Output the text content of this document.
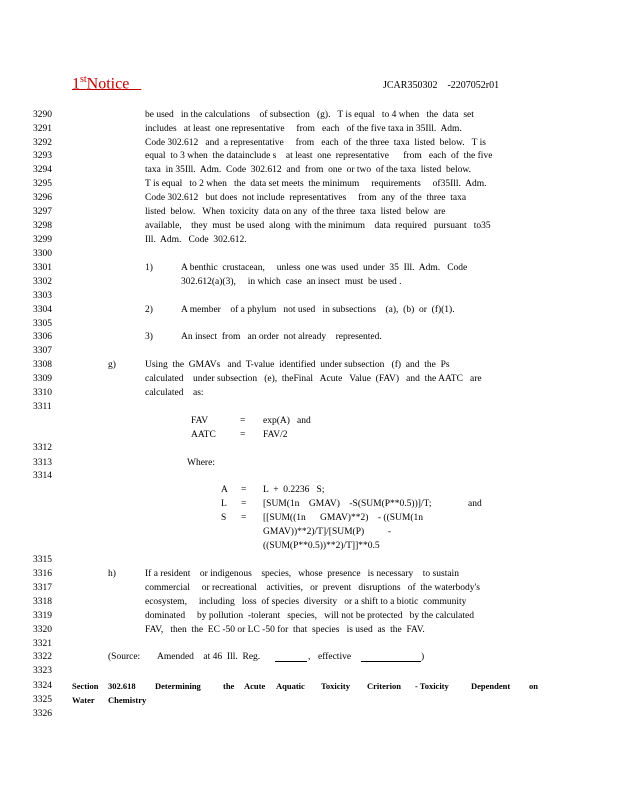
1stNotice	JCAR350302    -2207052r01
3290
3291
3292
3293
3294
3295
3296
3297
3298
3299
3300
3301
3302
3303
3304
3305
3306
3307
3308
3309
3310
3311
3312
3313
3314
3315
3316
3317
3318
3319
3320
3321
3322
3323
3324
3325
3326
be used   in the calculations    of subsection   (g).   T is equal   to 4 when   the  data  set
includes   at least  one representative     from   each   of the five taxa in 35Ill.  Adm.
Code 302.612   and  a representative     from   each  of  the three  taxa  listed  below.   T is
equal  to 3 when  the datainclude s    at least  one  representative      from   each  of  the five
taxa  in 35Ill.  Adm.  Code  302.612  and  from  one  or two  of the taxa  listed  below.
T is equal   to 2 when   the  data set meets  the minimum     requirements     of35Ill.  Adm.
Code 302.612   but does  not include  representatives     from  any  of the  three  taxa
listed  below.   When  toxicity  data on any  of the three  taxa  listed  below  are
available,    they  must  be used  along  with the minimum    data  required   pursuant   to35
Ill.  Adm.   Code  302.612.
1)	A benthic  crustacean,     unless  one was  used  under  35  Ill.  Adm.   Code
302.612(a)(3),     in which  case  an insect  must  be used .
2)	A member    of a phylum   not used   in subsections    (a),  (b)  or  (f)(1).
3)	An insect  from   an order  not already    represented.
g)	Using  the  GMAVs   and  T-value  identified  under subsection   (f)  and  the  Ps
calculated    under subsection   (e),  theFinal   Acute   Value  (FAV)   and  the AATC   are
calculated    as:
FAV	= exp(A)   and
AATC	= FAV/2
Where:
A = L  +  0.2236   S;
L = [SUM(1n    GMAV)    -S(SUM(P**0.5))]/T;	and
S = [[SUM((1n      GMAV)**2)    - ((SUM(1n
GMAV))**2)/T]/[SUM(P)          -
((SUM(P**0.5))**2)/T]]**0.5
h)	If a resident    or indigenous    species,   whose  presence   is necessary    to sustain
commercial     or recreational    activities,   or  prevent   disruptions   of  the waterbody's
ecosystem,     including   loss  of species  diversity   or a shift to a biotic  community
dominated     by pollution  -tolerant   species,   will not be protected   by the calculated
FAV,   then  the  EC -50 or LC -50 for  that  species   is used  as  the  FAV.
(Source: Amended    at 46  Ill.  Reg.	, effective	)
Section 302.618 Determining	the Acute Aquatic Toxicity Criterion - Toxicity	Dependent on
Water Chemistry
